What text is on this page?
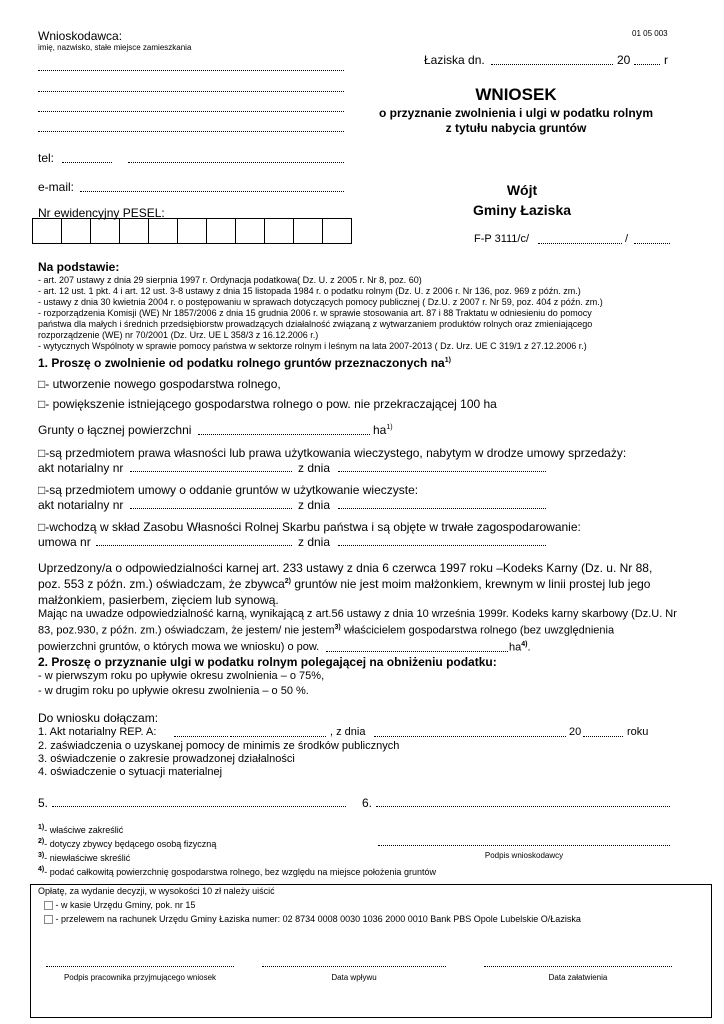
Wnioskodawca:
imię, nazwisko, stałe miejsce zamieszkania
tel:
e-mail:
Nr ewidencyjny PESEL:
01 05 003
Łaziska dn.	20	r
WNIOSEK
o przyznanie zwolnienia i ulgi w podatku rolnym
z tytułu nabycia gruntów
Wójt
Gminy Łaziska
F-P 3111/c/	/
Na podstawie:
- art. 207 ustawy z dnia 29 sierpnia 1997 r. Ordynacja podatkowa( Dz. U. z 2005 r. Nr 8, poz. 60)
- art. 12 ust. 1 pkt. 4 i art. 12 ust. 3-8 ustawy z dnia 15 listopada 1984 r. o podatku rolnym (Dz. U. z 2006 r. Nr 136, poz. 969 z późn. zm.)
- ustawy z dnia 30 kwietnia 2004 r. o postępowaniu w sprawach dotyczących pomocy publicznej ( Dz.U. z 2007 r. Nr 59, poz. 404 z późn. zm.)
- rozporządzenia Komisji (WE) Nr 1857/2006 z dnia 15 grudnia 2006 r. w sprawie stosowania art. 87 i 88 Traktatu w odniesieniu do pomocy
państwa dla małych i średnich przedsiębiorstw prowadzących działalność związaną z wytwarzaniem produktów rolnych oraz zmieniającego
rozporządzenie (WE) nr 70/2001 (Dz. Urz. UE L 358/3 z 16.12.2006 r.)
- wytycznych Wspólnoty w sprawie pomocy państwa w sektorze rolnym i leśnym na lata 2007-2013 ( Dz. Urz. UE C 319/1 z 27.12.2006 r.)
1. Proszę o zwolnienie od podatku rolnego gruntów przeznaczonych $na^{1)}$
□- utworzenie nowego gospodarstwa rolnego,
□- powiększenie istniejącego gospodarstwa rolnego o pow. nie przekraczającej 100 ha
Grunty o łącznej powierzchni	$ha^{1)}$
□-są przedmiotem prawa własności lub prawa użytkowania wieczystego, nabytym w drodze umowy sprzedaży:
akt notarialny nr	z dnia
□-są przedmiotem umowy o oddanie gruntów w użytkowanie wieczyste:
akt notarialny nr	z dnia
□-wchodzą w skład Zasobu Własności Rolnej Skarbu państwa i są objęte w trwałe zagospodarowanie:
umowa nr	z dnia
Uprzedzony/a o odpowiedzialności karnej art. 233 ustawy z dnia 6 czerwca 1997 roku –Kodeks Karny (Dz. u. Nr 88,
poz. 553 z późn. zm.) oświadczam, że zbywca$^{2)}$ gruntów nie jest moim małżonkiem, krewnym w linii prostej lub jego
małżonkiem, pasierbem, zięciem lub synową.
Mając na uwadze odpowiedzialność karną, wynikającą z art.56 ustawy z dnia 10 września 1999r. Kodeks karny skarbowy (Dz.U. Nr
83, poz.930, z późn. zm.) oświadczam, że jestem/ nie jestem$^{3)}$ właścicielem gospodarstwa rolnego (bez uwzględnienia
powierzchni gruntów, o których mowa we wniosku) o pow.	$ha^{4)}$.
2. Proszę o przyznanie ulgi w podatku rolnym polegającej na obniżeniu podatku:
- w pierwszym roku po upływie okresu zwolnienia – o 75%,
- w drugim roku po upływie okresu zwolnienia – o 50 %.
Do wniosku dołączam:
1. Akt notarialny REP. A:	, z dnia	20	roku
2. zaświadczenia o uzyskanej pomocy de minimis ze środków publicznych
3. oświadczenie o zakresie prowadzonej działalności
4. oświadczenie o sytuacji materialnej
5.	6.
$^{1)}$- właściwe zakreślić
$^{2)}$- dotyczy zbywcy będącego osobą fizyczną
$^{3)}$- niewłaściwe skreślić
$^{4)}$- podać całkowitą powierzchnię gospodarstwa rolnego, bez względu na miejsce położenia gruntów
Podpis wnioskodawcy
Opłatę, za wydanie decyzji, w wysokości 10 zł należy uiścić
- w kasie Urzędu Gminy, pok. nr 15
- przelewem na rachunek Urzędu Gminy Łaziska numer: 02 8734 0008 0030 1036 2000 0010 Bank PBS Opole Lubelskie O/Łaziska
Podpis pracownika przyjmującego wniosek	Data wpływu	Data załatwienia
